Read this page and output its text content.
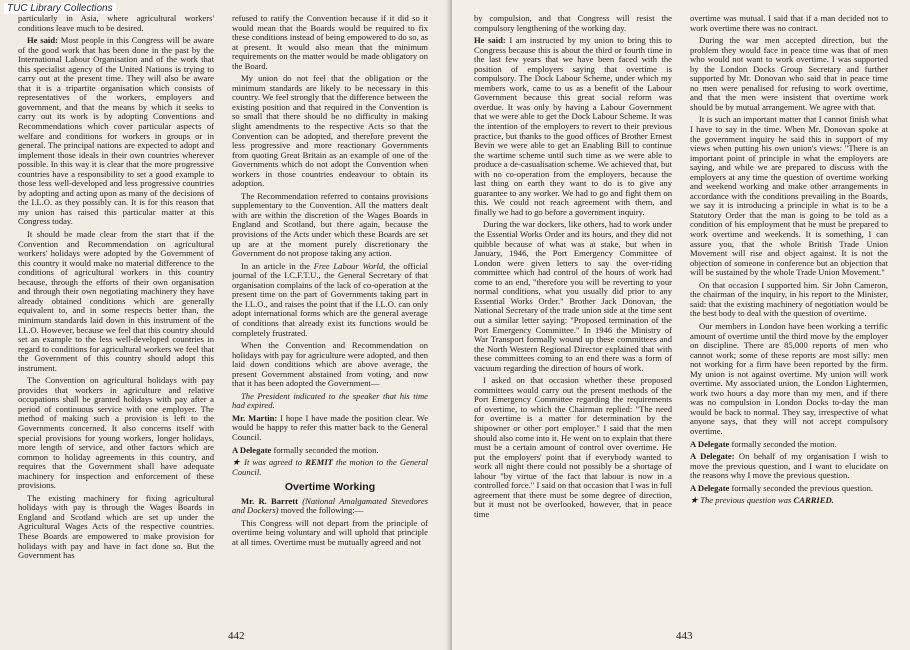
TUC Library Collections

particularly in Asia, where agricultural workers' conditions leave much to be desired.

He said: Most people in this Congress will be aware of the good work that has been done in the past by the International Labour Organisation and of the work that this specialist agency of the United Nations is trying to carry out at the present time. They will also be aware that it is a tripartite organisation which consists of representatives of the workers, employers and government, and that the means by which it seeks to carry out its work is by adopting Conventions and Recommendations which cover particular aspects of welfare and conditions for workers in groups or in general. The principal nations are expected to adopt and implement those ideals in their own countries wherever possible. In this way it is clear that the more progressive countries have a responsibility to set a good example to those less well-developed and less progressive countries by adopting and acting upon as many of the decisions of the I.L.O. as they possibly can. It is for this reason that my union has raised this particular matter at this Congress today.

It should be made clear from the start that if the Convention and Recommendation on agricultural workers' holidays were adopted by the Government of this country it would make no material difference to the conditions of agricultural workers in this country because, through the efforts of their own organisation and through their own negotiating machinery they have already obtained conditions which are generally equivalent to, and in some respects better than, the minimum standards laid down in this instrument of the I.L.O. However, because we feel that this country should set an example to the less well-developed countries in regard to conditions for agricultural workers we feel that the Government of this country should adopt this instrument.

The Convention on agricultural holidays with pay provides that workers in agriculture and relative occupations shall be granted holidays with pay after a period of continuous service with one employer. The method of making such a provision is left to the Governments concerned. It also concerns itself with special provisions for young workers, longer holidays, more length of service, and other factors which are common to holiday agreements in this country, and requires that the Government shall have adequate machinery for inspection and enforcement of these provisions.

The existing machinery for fixing agricultural holidays with pay is through the Wages Boards in England and Scotland which are set up under the Agricultural Wages Acts of the respective countries. These Boards are empowered to make provision for holidays with pay and have in fact done so. But the Government has

refused to ratify the Convention because if it did so it would mean that the Boards would be required to fix these conditions instead of being empowered to do so, as at present. It would also mean that the minimum requirements on the matter would be made obligatory on the Board.

My union do not feel that the obligation or the minimum standards are likely to be necessary in this country. We feel strongly that the difference between the existing position and that required in the Convention is so small that there should be no difficulty in making slight amendments to the respective Acts so that the Convention can be adopted, and therefore prevent the less progressive and more reactionary Governments from quoting Great Britain as an example of one of the Governments which do not adopt the Convention when workers in those countries endeavour to obtain its adoption.

The Recommendation referred to contains provisions supplementary to the Convention. All the matters dealt with are within the discretion of the Wages Boards in England and Scotland, but there again, because the provisions of the Acts under which these Boards are set up are at the moment purely discretionary the Government do not propose taking any action.

In an article in the Free Labour World, the official journal of the I.C.F.T.U., the General Secretary of that organisation complains of the lack of co-operation at the present time on the part of Governments taking part in the I.L.O., and raises the point that if the I.L.O. can only adopt international forms which are the general average of conditions that already exist its functions would be completely frustrated.

When the Convention and Recommendation on holidays with pay for agriculture were adopted, and then laid down conditions which are above average, the present Government abstained from voting, and now that it has been adopted the Government—

The President indicated to the speaker that his time had expired.

Mr. Martin: I hope I have made the position clear. We would be happy to refer this matter back to the General Council.

A Delegate formally seconded the motion.

★ It was agreed to REMIT the motion to the General Council.

Overtime Working

Mr. R. Barrett (National Amalgamated Stevedores and Dockers) moved the following:—

This Congress will not depart from the principle of overtime being voluntary and will uphold that principle at all times. Overtime must be mutually agreed and not

442

by compulsion, and that Congress will resist the compulsory lengthening of the working day.

He said: I am instructed by my union to bring this to Congress because this is about the third or fourth time in the last few years that we have been faced with the position of employers saying that overtime is compulsory. The Dock Labour Scheme, under which my members work, came to us as a benefit of the Labour Government because this great social reform was overdue. It was only by having a Labour Government that we were able to get the Dock Labour Scheme. It was the intention of the employers to revert to their previous practice, but thanks to the good offices of Brother Ernest Bevin we were able to get an Enabling Bill to continue the wartime scheme until such time as we were able to produce a de-casualisation scheme. We achieved that, but with no co-operation from the employers, because the last thing on earth they want to do is to give any guarantee to any worker. We had to go and fight them on this. We could not reach agreement with them, and finally we had to go before a government inquiry.

During the war dockers, like others, had to work under the Essential Works Order and its hours, and they did not quibble because of what was at stake, but when in January, 1946, the Port Emergency Committee of London were given letters to say the over-riding committee which had control of the hours of work had come to an end, "therefore you will be reverting to your normal conditions, what you usually did prior to any Essential Works Order." Brother Jack Donovan, the National Secretary of the trade union side at the time sent out a similar letter saying: "Proposed termination of the Port Emergency Committee." In 1946 the Ministry of War Transport formally wound up these committees and the North Western Regional Director explained that with these committees coming to an end there was a form of vacuum regarding the direction of hours of work.

I asked on that occasion whether these proposed committees would carry out the present methods of the Port Emergency Committee regarding the requirements of overtime, to which the Chairman replied: "The need for overtime is a matter for determination by the shipowner or other port employer." I said that the men should also come into it. He went on to explain that there must be a certain amount of control over overtime. He put the employers' point that if everybody wanted to work all night there could not possibly be a shortage of labour "by virtue of the fact that labour is now in a controlled force." I said on that occasion that I was in full agreement that there must be some degree of direction, but it must not be overlooked, however, that in peace time

overtime was mutual. I said that if a man decided not to work overtime there was no contract.

During the war men accepted direction, but the problem they would face in peace time was that of men who would not want to work overtime. I was supported by the London Docks Group Secretary and further supported by Mr. Donovan who said that in peace time no men were penalised for refusing to work overtime, and that the men were insistent that overtime work should be by mutual arrangement. We agree with that.

It is such an important matter that I cannot finish what I have to say in the time. When Mr. Donovan spoke at the government inquiry he said this in support of my views when putting his own union's views: "There is an important point of principle in what the employers are saying, and while we are prepared to discuss with the employers at any time the question of overtime working and weekend working and make other arrangements in accordance with the conditions prevailing in the Boards, we say it is introducing a principle in what is to be a Statutory Order that the man is going to be told as a condition of his employment that he must be prepared to work overtime and weekends. It is something, I can assure you, that the whole British Trade Union Movement will rise and object against. It is not the objection of someone in conference but an objection that will be sustained by the whole Trade Union Movement."

On that occasion I supported him. Sir John Cameron, the chairman of the inquiry, in his report to the Minister, said: that the existing machinery of negotiation would be the best body to deal with the question of overtime.

Our members in London have been working a terrific amount of overtime until the third move by the employer on discipline. There are 85,000 reports of men who cannot work; some of these reports are most silly: men not working for a firm have been reported by the firm. My union is not against overtime. My union will work overtime. My associated union, the London Lightermen, work two hours a day more than my men, and if there was no compulsion in London Docks to-day the man would be back to normal. They say, irrespective of what anyone says, that they will not accept compulsory overtime.

A Delegate formally seconded the motion.

A Delegate: On behalf of my organisation I wish to move the previous question, and I want to elucidate on the reasons why I move the previous question.

A Delegate formally seconded the previous question.

★ The previous question was CARRIED.

443
